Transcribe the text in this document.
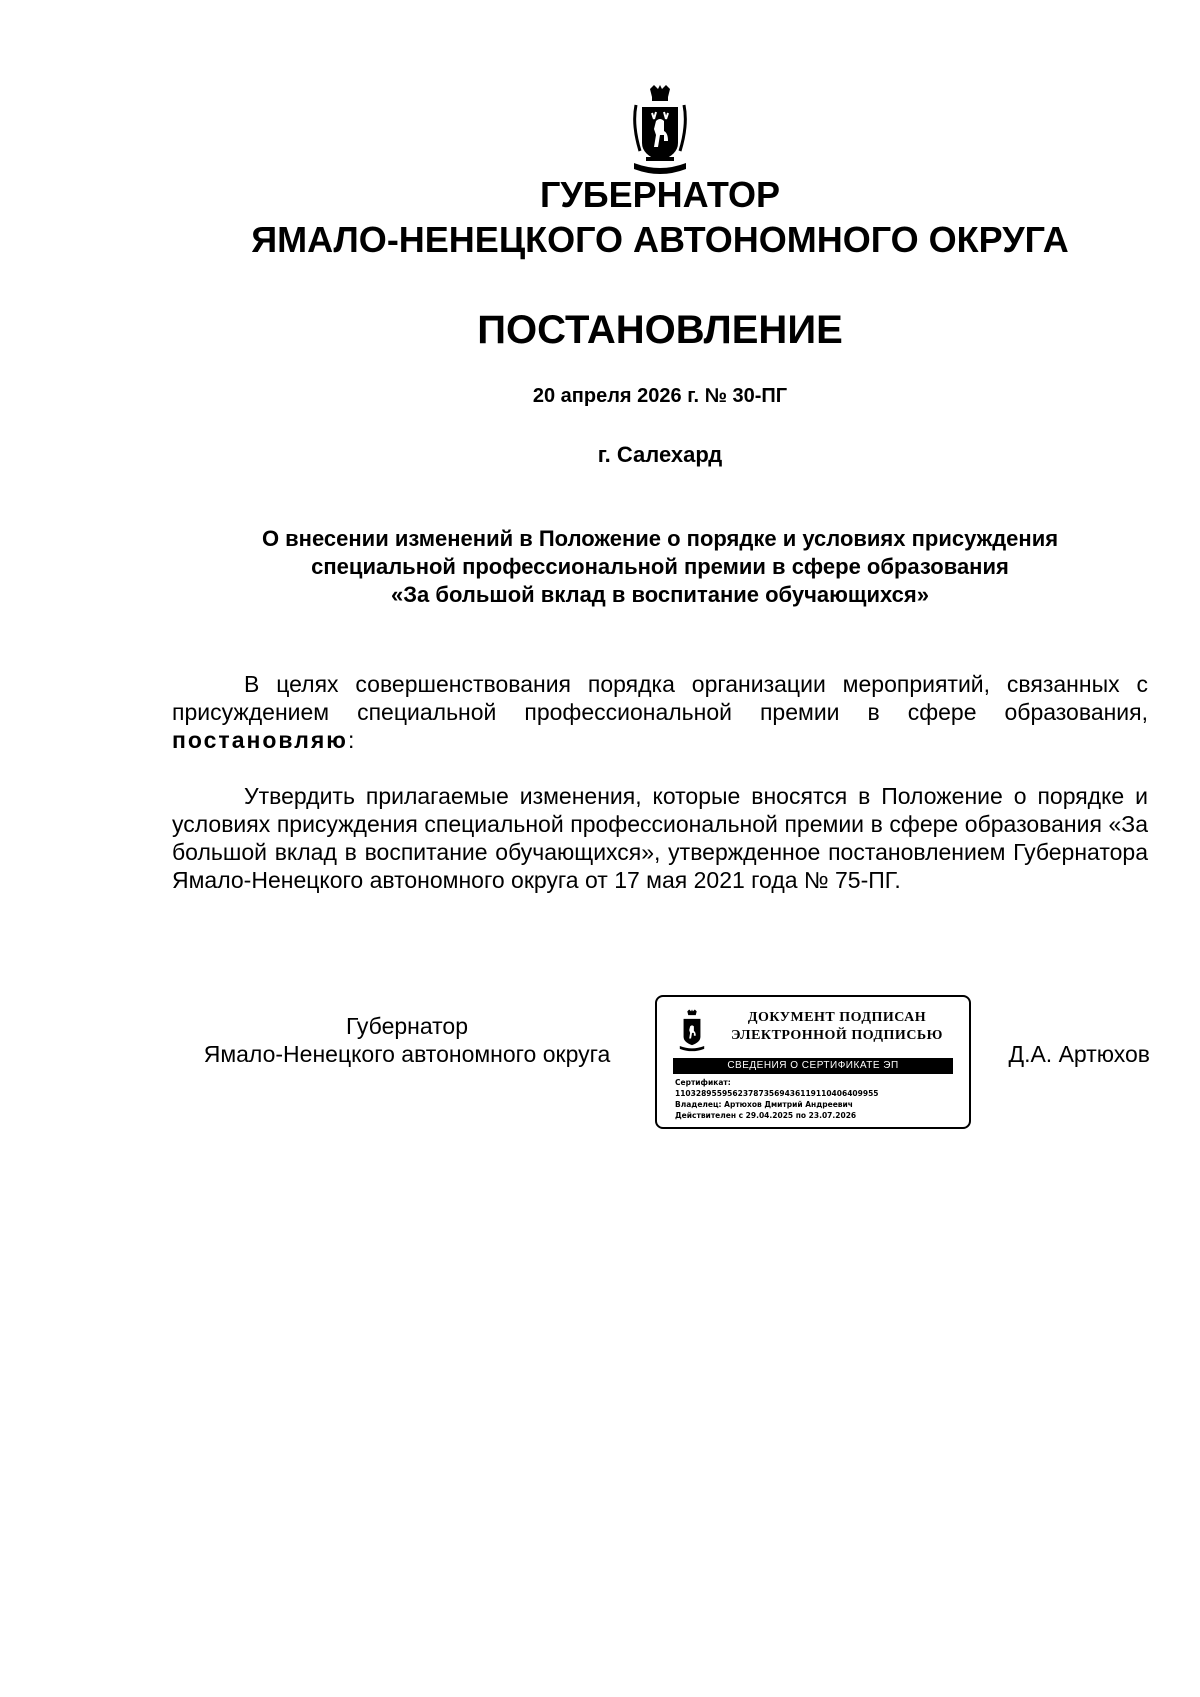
ГУБЕРНАТОР
ЯМАЛО-НЕНЕЦКОГО АВТОНОМНОГО ОКРУГА
ПОСТАНОВЛЕНИЕ
20 апреля 2026 г. № 30-ПГ
г. Салехард
О внесении изменений в Положение о порядке и условиях присуждения
специальной профессиональной премии в сфере образования
«За большой вклад в воспитание обучающихся»
В целях совершенствования порядка организации мероприятий, связанных с присуждением специальной профессиональной премии в сфере образования, постановляю:
Утвердить прилагаемые изменения, которые вносятся в Положение о порядке и условиях присуждения специальной профессиональной премии в сфере образования «За большой вклад в воспитание обучающихся», утвержденное постановлением Губернатора Ямало-Ненецкого автономного округа от 17 мая 2021 года № 75-ПГ.
Губернатор
Ямало-Ненецкого автономного округа
ДОКУМЕНТ ПОДПИСАН
ЭЛЕКТРОННОЙ ПОДПИСЬЮ
СВЕДЕНИЯ О СЕРТИФИКАТЕ ЭП
Сертификат:
110328955956237873569436119110406409955
Владелец: Артюхов Дмитрий Андреевич
Действителен с 29.04.2025 по 23.07.2026
Д.А. Артюхов
